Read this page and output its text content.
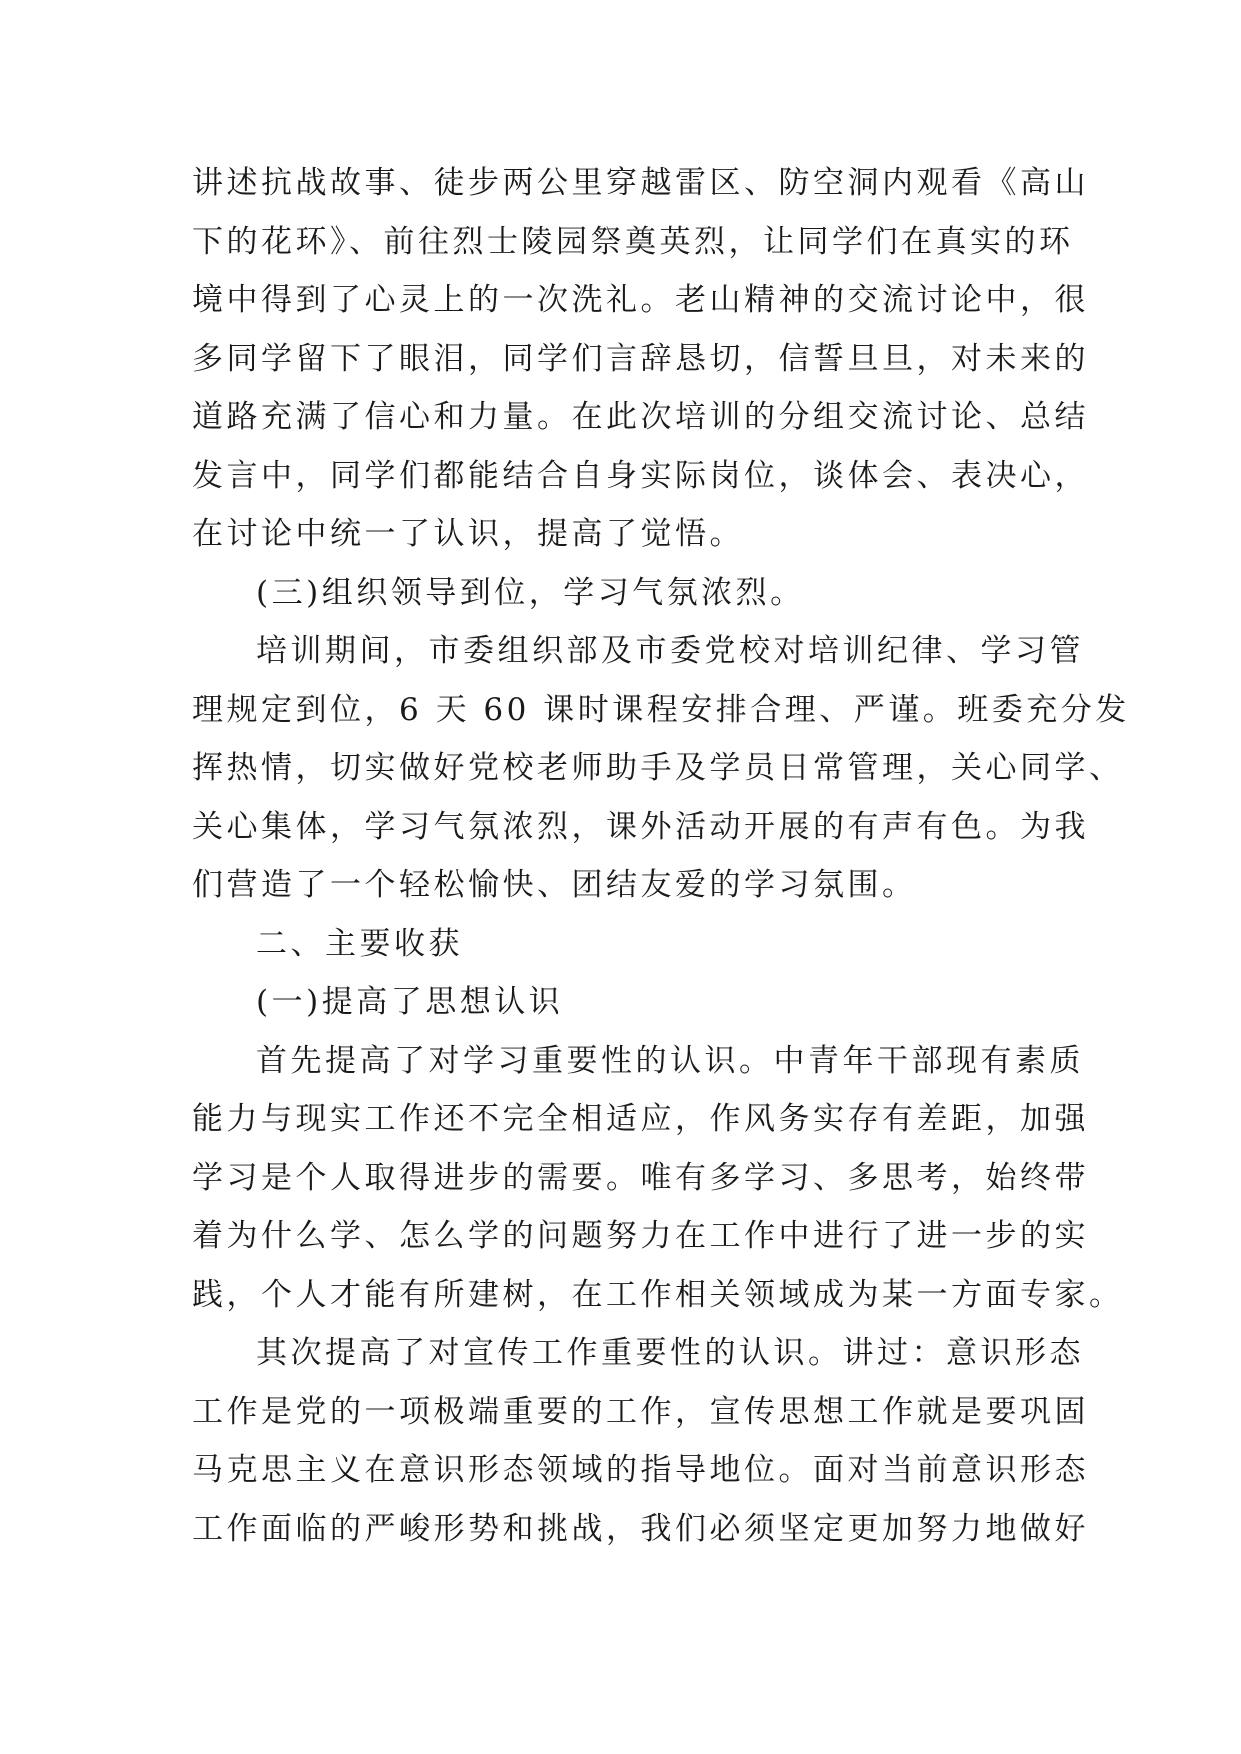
讲述抗战故事、徒步两公里穿越雷区、防空洞内观看《高山
下的花环》、前往烈士陵园祭奠英烈，让同学们在真实的环
境中得到了心灵上的一次洗礼。老山精神的交流讨论中，很
多同学留下了眼泪，同学们言辞恳切，信誓旦旦，对未来的
道路充满了信心和力量。在此次培训的分组交流讨论、总结
发言中，同学们都能结合自身实际岗位，谈体会、表决心，
在讨论中统一了认识，提高了觉悟。
(三)组织领导到位，学习气氛浓烈。
培训期间，市委组织部及市委党校对培训纪律、学习管
理规定到位，6 天 60 课时课程安排合理、严谨。班委充分发
挥热情，切实做好党校老师助手及学员日常管理，关心同学、
关心集体，学习气氛浓烈，课外活动开展的有声有色。为我
们营造了一个轻松愉快、团结友爱的学习氛围。
二、主要收获
(一)提高了思想认识
首先提高了对学习重要性的认识。中青年干部现有素质
能力与现实工作还不完全相适应，作风务实存有差距，加强
学习是个人取得进步的需要。唯有多学习、多思考，始终带
着为什么学、怎么学的问题努力在工作中进行了进一步的实
践，个人才能有所建树，在工作相关领域成为某一方面专家。
其次提高了对宣传工作重要性的认识。讲过：意识形态
工作是党的一项极端重要的工作，宣传思想工作就是要巩固
马克思主义在意识形态领域的指导地位。面对当前意识形态
工作面临的严峻形势和挑战，我们必须坚定更加努力地做好
